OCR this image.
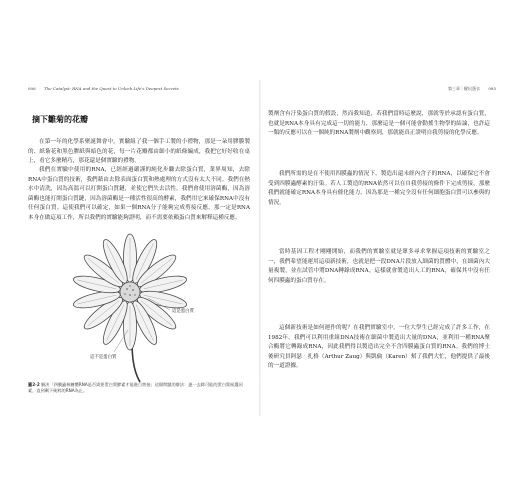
006 The Catalyst: RNA and the Quest to Unlock Life's Deepest Secrets
摘下雛菊的花瓣

在第一年的化學系聚誕舞會中，實驗組了我一個手工製的小禮物，那是一朵用膠膜製的、紙紮花和黑色膠紙與暗色的花，每一片花瓣都由細小的紙條編成，我把它好好收在桌上，看它多麼精巧，那花還是個實驗的禮物。

我們在實驗中使用的RNA，已經經過嚴謹的純化步驟去除蛋白質，業界周知，去除RNA中蛋白質的技術，我們藉由去除表面蛋白質和熱處理的方式沒有太大不同。我們在熱水中清洗，因為高溫可以打開蛋白質鏈，並使它們失去活性。我們會使用溶菌酶，因為溶菌酶也能打開蛋白質鏈，因為溶菌酶是一種活性很高的酵素，我們用它來確保RNA中沒有任何蛋白質。這使我們可以確定，如果一個RNA分子能夠完成剪接反應，那一定是RNA本身在做這項工作，所以我們的實驗能夠證明，而不需要依賴蛋白質來解釋這種反應。

這是蛋白質
這不是蛋白質
圖2-2 解決「四膜蟲核糖體RNA是否需要蛋白質酵素才能進行剪接」這個問題的辦法：逐一去除可能的蛋白質候選因素，直到剩下純粹的RNA為止。
第三章｜蛻出蛋衣 085

製劑含有汙染蛋白質的假設，然而我知道，若我們當時這麼說，那就等於承認有蛋白質，也就是RNA本身具有完成這一切的能力，那麼這是一個可能會動搖生物學的結論，也許這一類的反應可以在一個純的RNA製劑中觀察到，那就能真正證明自我剪接的化學反應。

我們所需的是在不使用四膜蟲的情況下，製造出還未經內含子的RNA，以確保它不會受到四膜蟲酵素的汙染。若人工製造的RNA依然可以在自我剪接的條件下完成剪接，那麼我們就能確定RNA本身具有催化能力，因為那是一種完全沒有任何細胞蛋白質可以參與的情況。

當時基因工程才剛剛開始，而我們的實驗室就是眾多尋求掌握這項技術的實驗室之一，我們希望能運用這項新技術，也就是把一段DNA片段放入細菌的質體中，在細菌內大量複製，並在試管中將DNA轉錄成RNA。這樣就會製造出人工的RNA，確保其中沒有任何四膜蟲的蛋白質存在。

這個新技術是如何運作的呢？在我們實驗室中，一位大學生已經完成了許多工作，在1982年，我們可以利用重組DNA技術在細菌中製造出大量的DNA，並利用一種RNA聚合酶將它轉錄成RNA，因此我們得以製造出完全不含四膜蟲蛋白質的RNA。我們的博士後研究員阿瑟‧扎格（Arthur Zaug）與凱倫（Karen）幫了我們大忙，他們提供了最後的一道證據。
